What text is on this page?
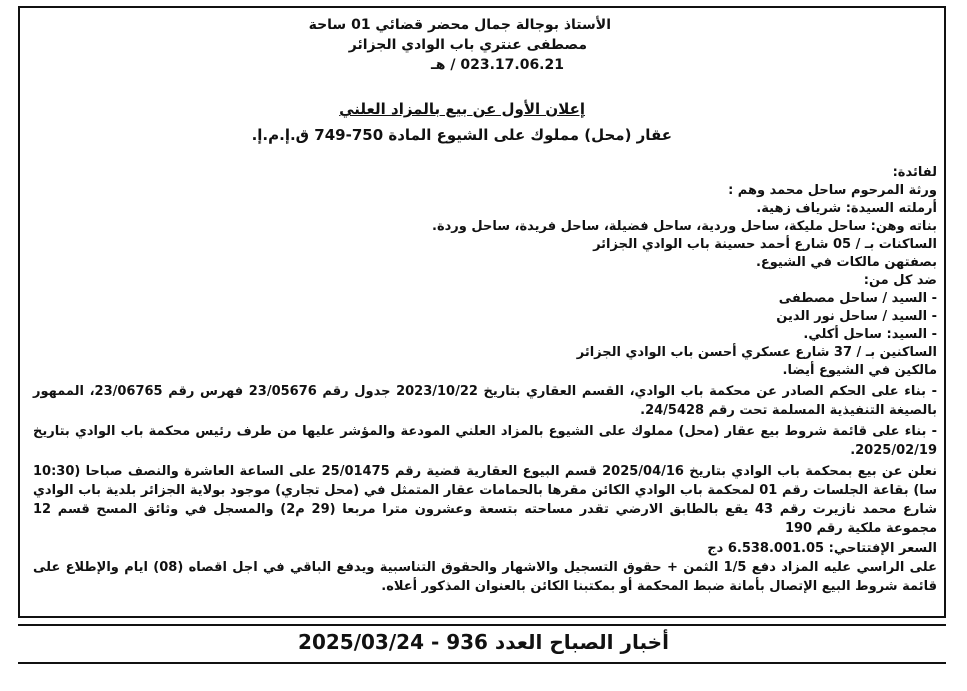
الأستاذ بوجالة جمال محضر قضائي 01 ساحة
مصطفى عنتري باب الوادي الجزائر
023.17.06.21 / هـ
إعلان الأول عن بيع بالمزاد العلني
عقار (محل) مملوك على الشيوع المادة 750-749 ق.إ.م.إ.
لفائدة:
ورثة المرحوم ساحل محمد وهم :
أرملته السيدة: شرياف زهية.
بناته وهن: ساحل مليكة، ساحل وردية، ساحل فضيلة، ساحل فريدة، ساحل وردة.
الساكنات بـ / 05 شارع أحمد حسينة باب الوادي الجزائر
بصفتهن مالكات في الشيوع.
ضد كل من:
- السيد / ساحل مصطفى
- السيد / ساحل نور الدين
- السيد: ساحل أكلي.
الساكنين بـ / 37 شارع عسكري أحسن باب الوادي الجزائر
مالكين في الشيوع أيضا.
- بناء على الحكم الصادر عن محكمة باب الوادي، القسم العقاري بتاريخ 2023/10/22 جدول رقم 23/05676 فهرس رقم 23/06765، الممهور بالصيغة التنفيذية المسلمة تحت رقم 24/5428.
- بناء على قائمة شروط بيع عقار (محل) مملوك على الشيوع بالمزاد العلني المودعة والمؤشر عليها من طرف رئيس محكمة باب الوادي بتاريخ 2025/02/19.
نعلن عن بيع بمحكمة باب الوادي بتاريخ 2025/04/16 قسم البيوع العقارية قضية رقم 25/01475 على الساعة العاشرة والنصف صباحا (10:30 سا) بقاعة الجلسات رقم 01 لمحكمة باب الوادي الكائن مقرها بالحمامات عقار المتمثل في (محل تجاري) موجود بولاية الجزائر بلدية باب الوادي شارع محمد نازيرت رقم 43 يقع بالطابق الارضي تقدر مساحته بتسعة وعشرون مترا مربعا (29 م2) والمسجل في وثائق المسح قسم 12 مجموعة ملكية رقم 190
السعر الإفتتاحي: 6.538.001.05 دج
على الراسي عليه المزاد دفع 1/5 الثمن + حقوق التسجيل والاشهار والحقوق التناسبية ويدفع الباقي في اجل اقصاه (08) ايام والإطلاع على قائمة شروط البيع الإتصال بأمانة ضبط المحكمة أو بمكتبنا الكائن بالعنوان المذكور أعلاه.
أخبار الصباح العدد 936 - 2025/03/24
